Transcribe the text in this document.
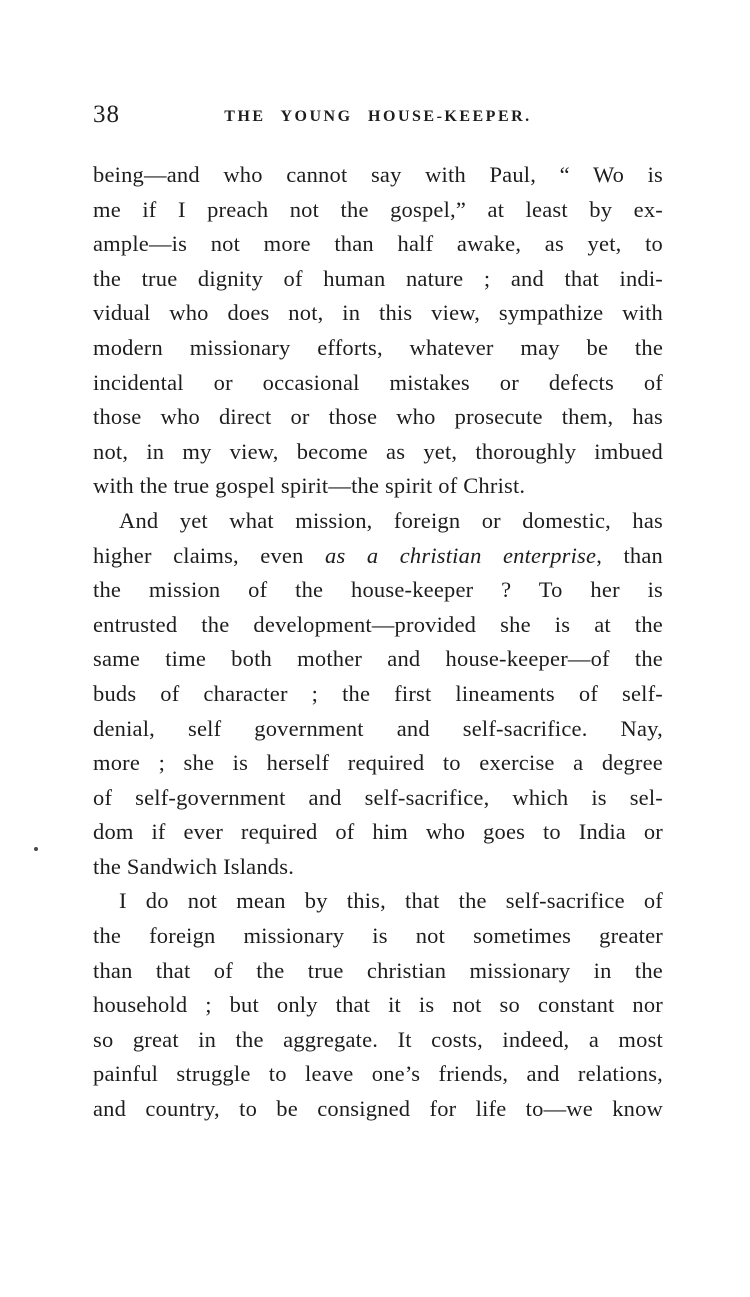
38	THE YOUNG HOUSE-KEEPER.
being—and who cannot say with Paul, “ Wo is
me if I preach not the gospel,” at least by ex-
ample—is not more than half awake, as yet, to
the true dignity of human nature ; and that indi-
vidual who does not, in this view, sympathize with
modern missionary efforts, whatever may be the
incidental or occasional mistakes or defects of
those who direct or those who prosecute them, has
not, in my view, become as yet, thoroughly imbued
with the true gospel spirit—the spirit of Christ.
And yet what mission, foreign or domestic, has
higher claims, even as a christian enterprise, than
the mission of the house-keeper ? To her is
entrusted the development—provided she is at the
same time both mother and house-keeper—of the
buds of character ; the first lineaments of self-
denial, self government and self-sacrifice. Nay,
more ; she is herself required to exercise a degree
of self-government and self-sacrifice, which is sel-
dom if ever required of him who goes to India or
the Sandwich Islands.
I do not mean by this, that the self-sacrifice of
the foreign missionary is not sometimes greater
than that of the true christian missionary in the
household ; but only that it is not so constant nor
so great in the aggregate. It costs, indeed, a most
painful struggle to leave one’s friends, and relations,
and country, to be consigned for life to—we know
